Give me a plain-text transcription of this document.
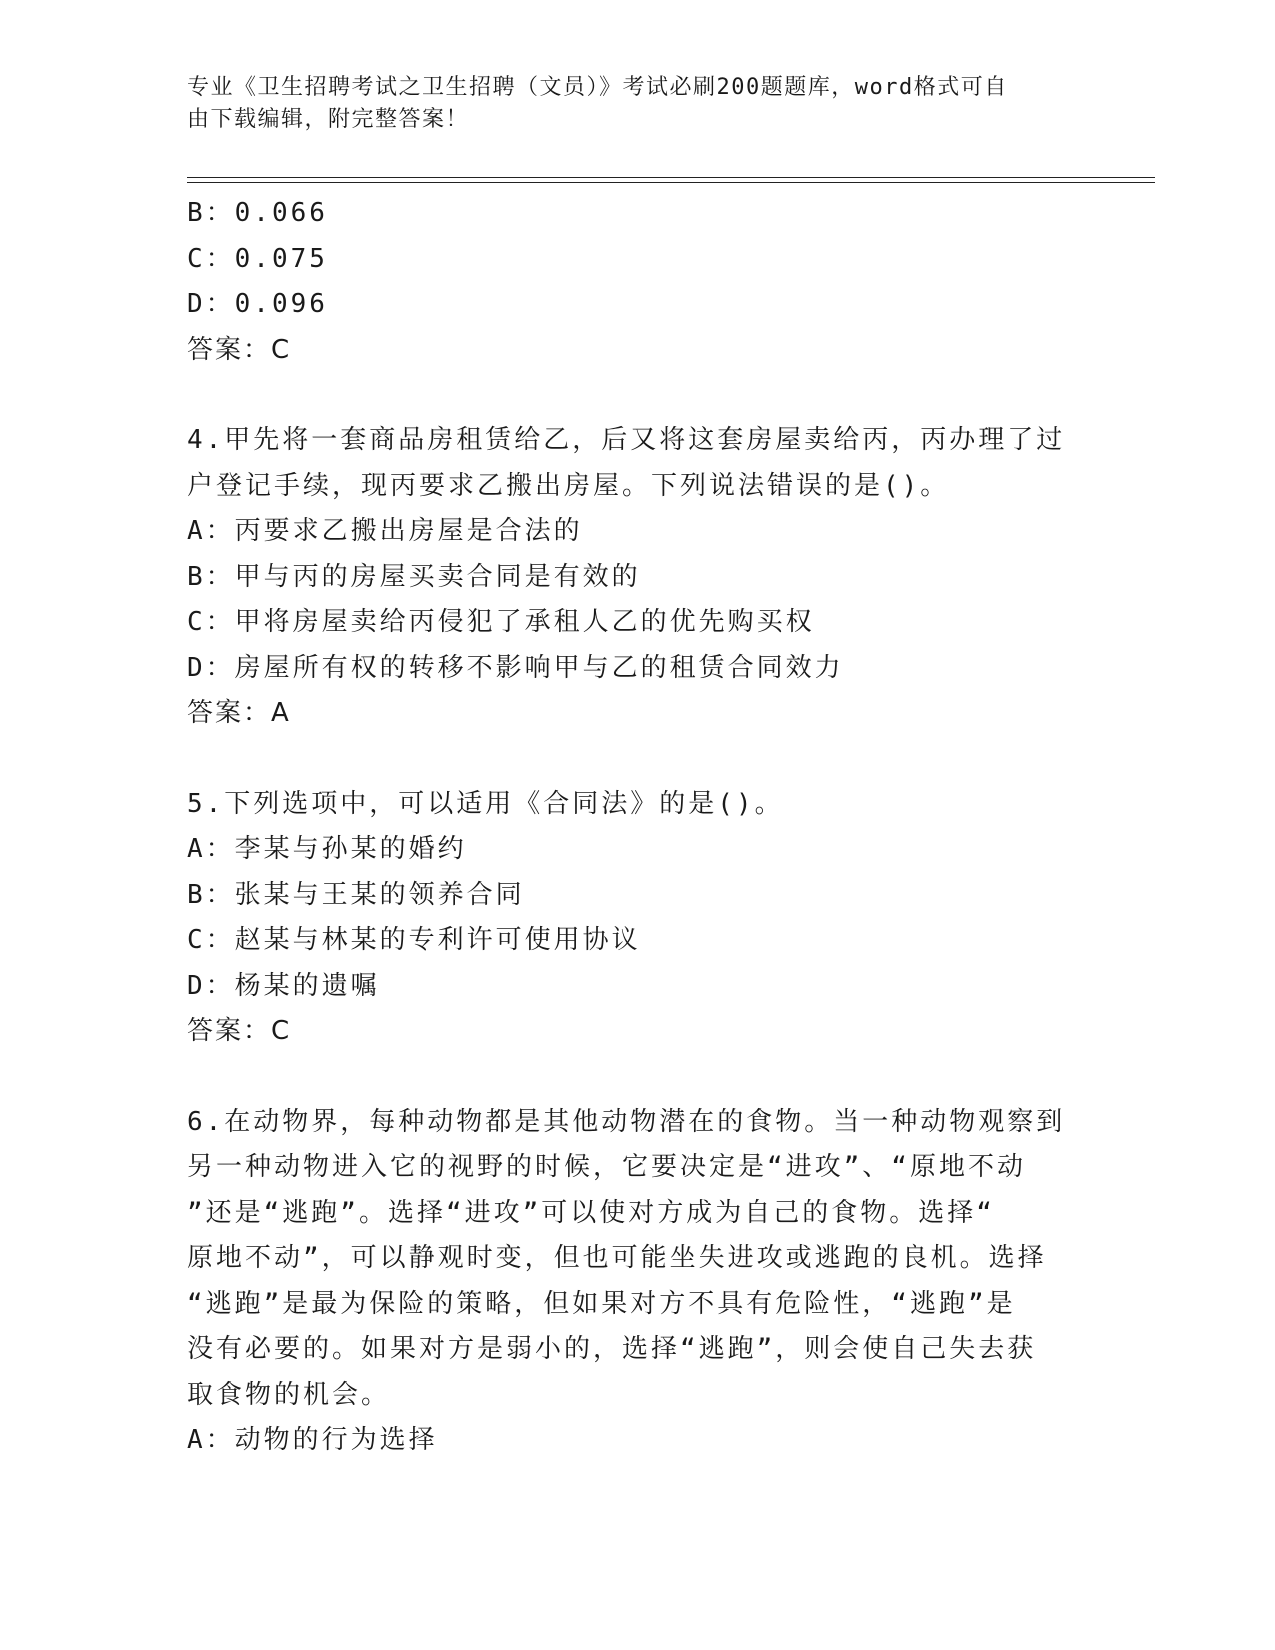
专业《卫生招聘考试之卫生招聘（文员）》考试必刷200题题库，word格式可自
由下载编辑，附完整答案！
B：0.066
C：0.075
D：0.096
答案：C
4.甲先将一套商品房租赁给乙，后又将这套房屋卖给丙，丙办理了过
户登记手续，现丙要求乙搬出房屋。下列说法错误的是()。
A：丙要求乙搬出房屋是合法的
B：甲与丙的房屋买卖合同是有效的
C：甲将房屋卖给丙侵犯了承租人乙的优先购买权
D：房屋所有权的转移不影响甲与乙的租赁合同效力
答案：A
5.下列选项中，可以适用《合同法》的是()。
A：李某与孙某的婚约
B：张某与王某的领养合同
C：赵某与林某的专利许可使用协议
D：杨某的遗嘱
答案：C
6.在动物界，每种动物都是其他动物潜在的食物。当一种动物观察到
另一种动物进入它的视野的时候，它要决定是“进攻”、“原地不动
”还是“逃跑”。选择“进攻”可以使对方成为自己的食物。选择“
原地不动”，可以静观时变，但也可能坐失进攻或逃跑的良机。选择
“逃跑”是最为保险的策略，但如果对方不具有危险性，“逃跑”是
没有必要的。如果对方是弱小的，选择“逃跑”，则会使自己失去获
取食物的机会。
A：动物的行为选择
